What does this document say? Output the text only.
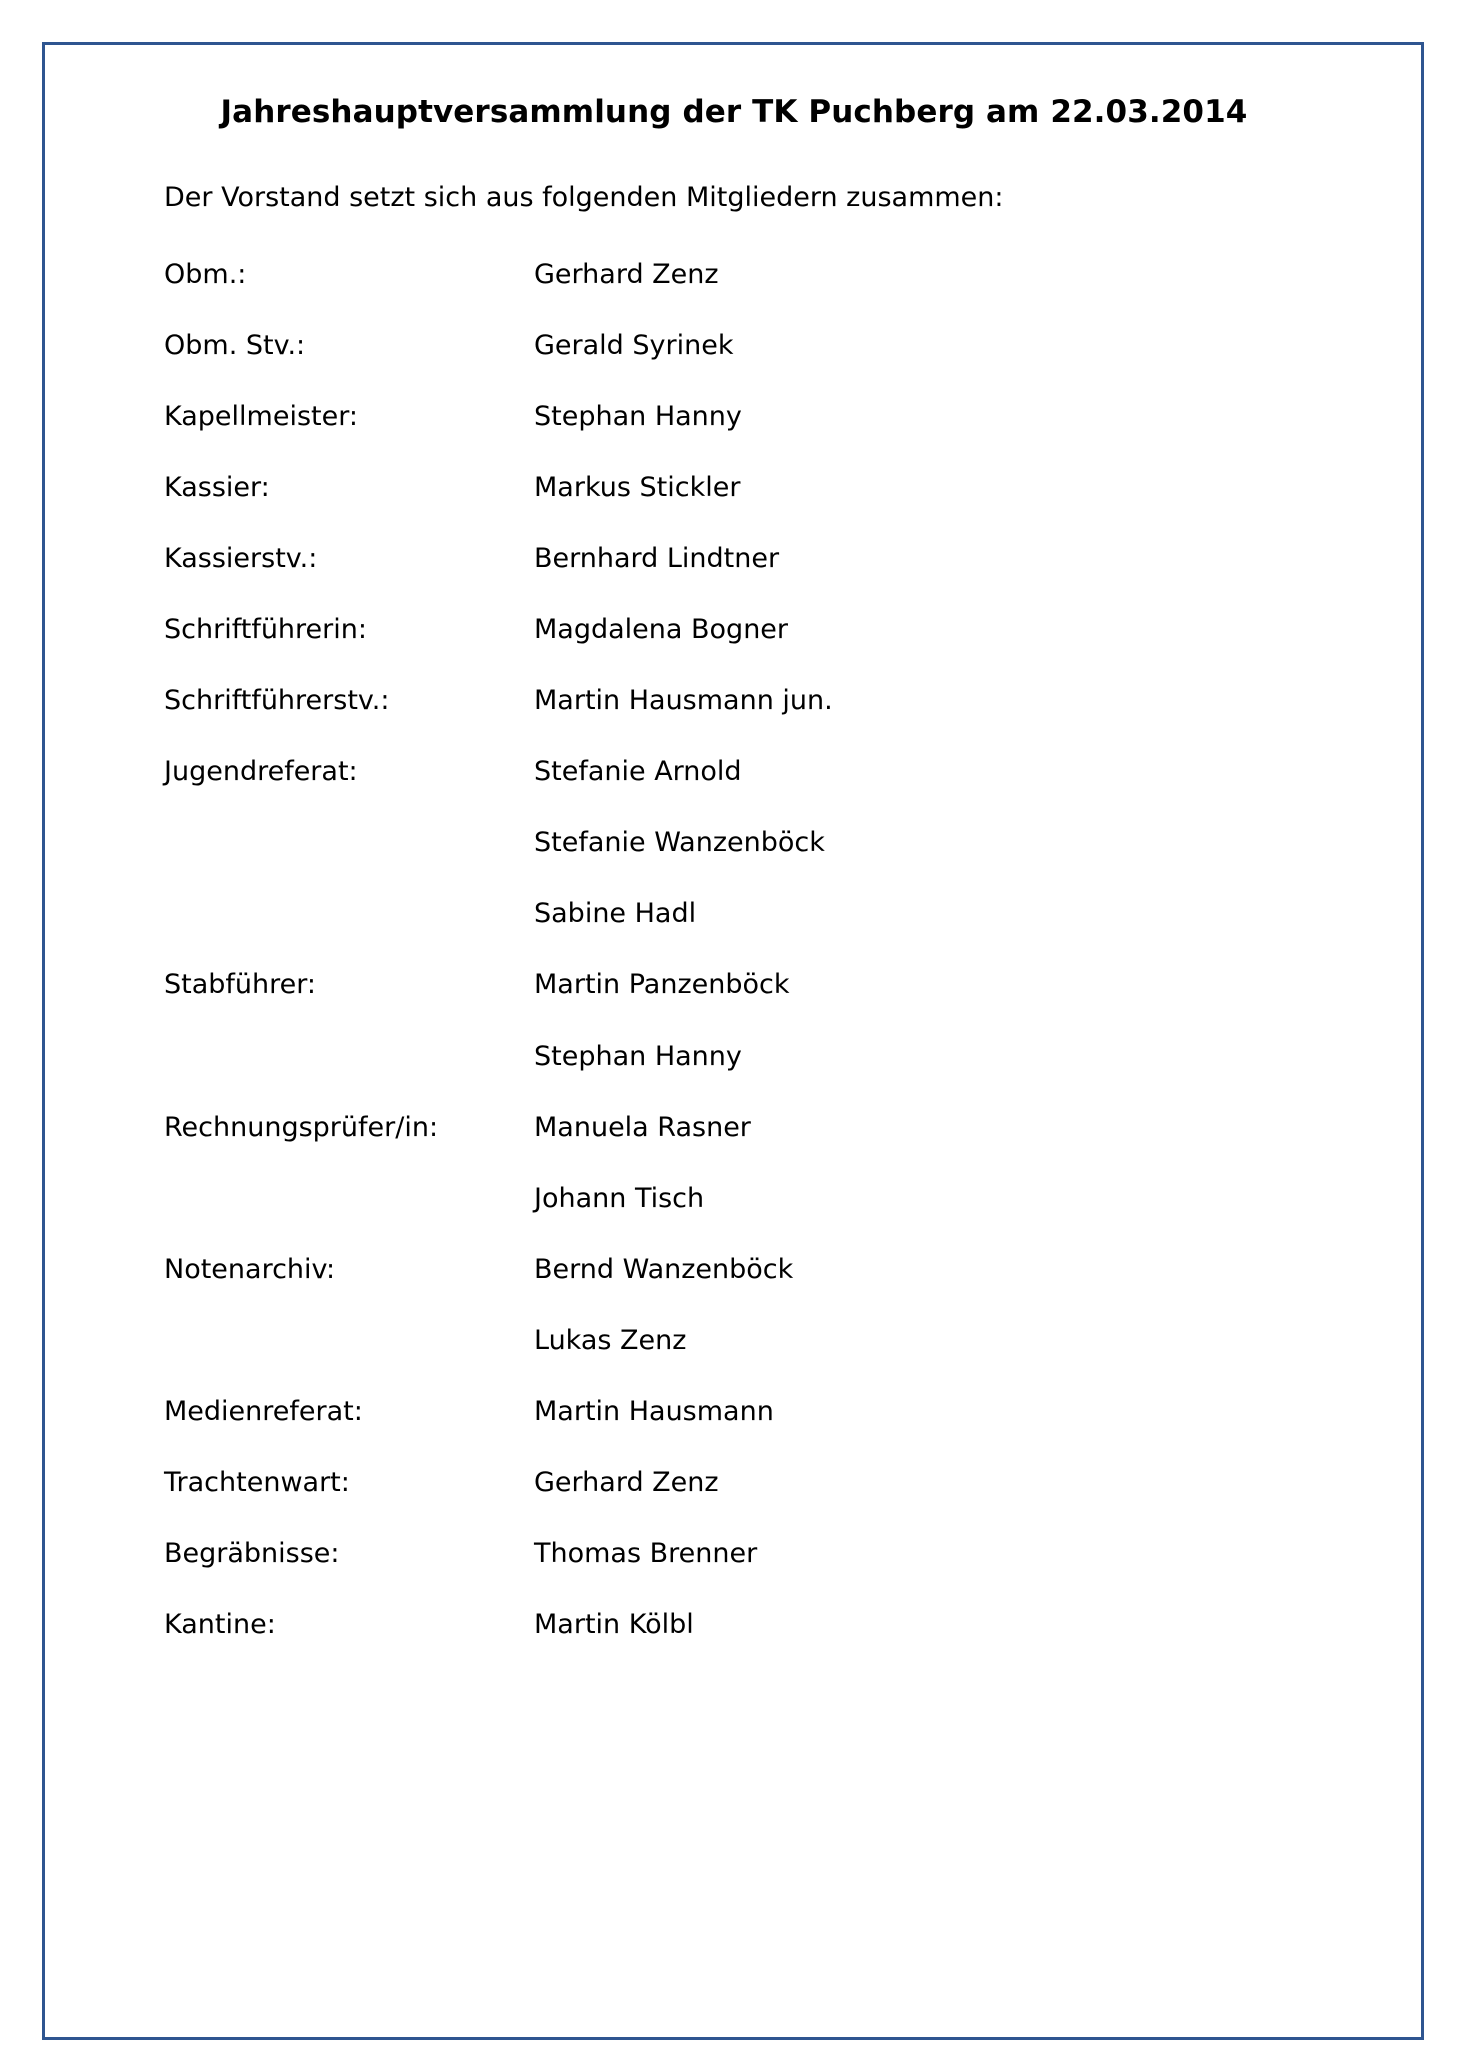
Jahreshauptversammlung der TK Puchberg am 22.03.2014

Der Vorstand setzt sich aus folgenden Mitgliedern zusammen:

Obm.:	Gerhard Zenz
Obm. Stv.:	Gerald Syrinek
Kapellmeister:	Stephan Hanny
Kassier:	Markus Stickler
Kassierstv.:	Bernhard Lindtner
Schriftführerin:	Magdalena Bogner
Schriftführerstv.:	Martin Hausmann jun.
Jugendreferat:	Stefanie Arnold
Stefanie Wanzenböck
Sabine Hadl
Stabführer:	Martin Panzenböck
Stephan Hanny
Rechnungsprüfer/in:	Manuela Rasner
Johann Tisch
Notenarchiv:	Bernd Wanzenböck
Lukas Zenz
Medienreferat:	Martin Hausmann
Trachtenwart:	Gerhard Zenz
Begräbnisse:	Thomas Brenner
Kantine:	Martin Kölbl
